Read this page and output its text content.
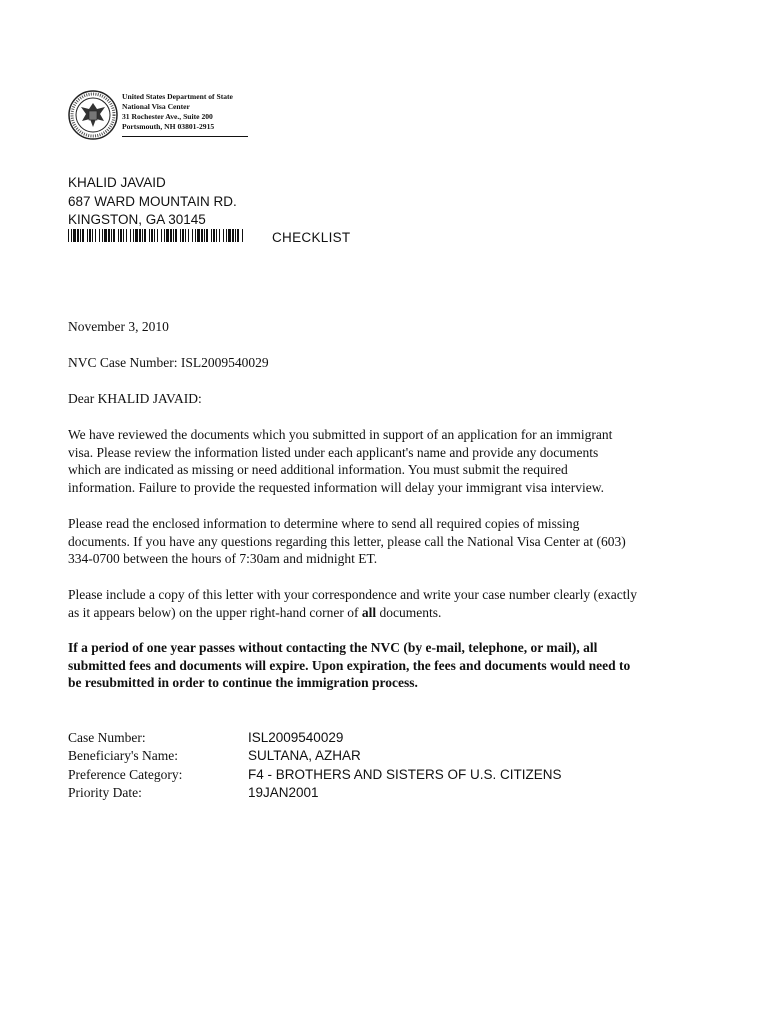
United States Department of State
National Visa Center
31 Rochester Ave., Suite 200
Portsmouth, NH 03801-2915
KHALID JAVAID
687 WARD MOUNTAIN RD.
KINGSTON, GA 30145
CHECKLIST
November 3, 2010
NVC Case Number: ISL2009540029
Dear KHALID JAVAID:
We have reviewed the documents which you submitted in support of an application for an immigrant
visa. Please review the information listed under each applicant's name and provide any documents
which are indicated as missing or need additional information. You must submit the required
information. Failure to provide the requested information will delay your immigrant visa interview.
Please read the enclosed information to determine where to send all required copies of missing
documents. If you have any questions regarding this letter, please call the National Visa Center at (603)
334-0700 between the hours of 7:30am and midnight ET.
Please include a copy of this letter with your correspondence and write your case number clearly (exactly
as it appears below) on the upper right-hand corner of all documents.
If a period of one year passes without contacting the NVC (by e-mail, telephone, or mail), all
submitted fees and documents will expire. Upon expiration, the fees and documents would need to
be resubmitted in order to continue the immigration process.
Case Number:	ISL2009540029
Beneficiary's Name:	SULTANA, AZHAR
Preference Category:	F4 - BROTHERS AND SISTERS OF U.S. CITIZENS
Priority Date:	19JAN2001
